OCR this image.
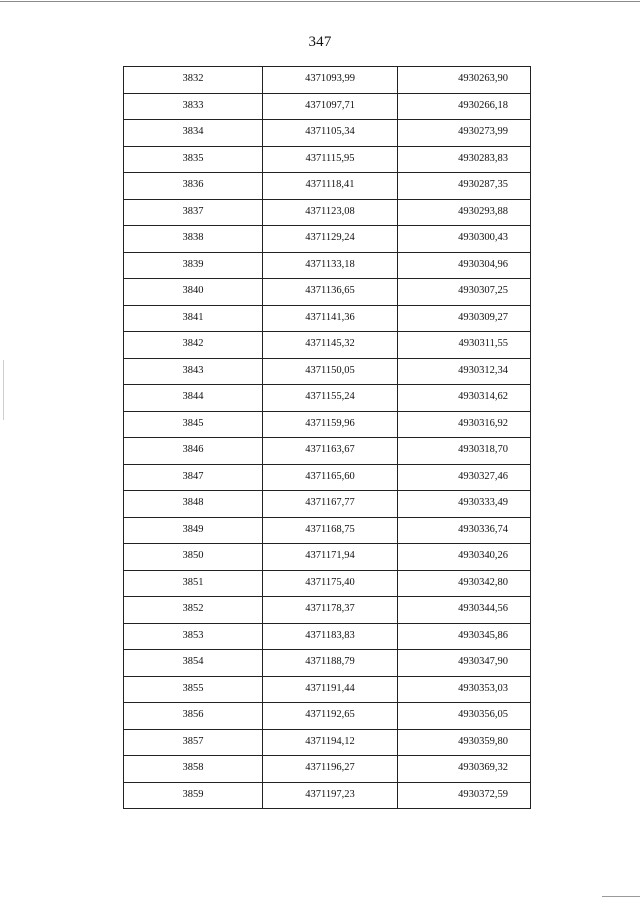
347
3832	4371093,99	4930263,90
3833	4371097,71	4930266,18
3834	4371105,34	4930273,99
3835	4371115,95	4930283,83
3836	4371118,41	4930287,35
3837	4371123,08	4930293,88
3838	4371129,24	4930300,43
3839	4371133,18	4930304,96
3840	4371136,65	4930307,25
3841	4371141,36	4930309,27
3842	4371145,32	4930311,55
3843	4371150,05	4930312,34
3844	4371155,24	4930314,62
3845	4371159,96	4930316,92
3846	4371163,67	4930318,70
3847	4371165,60	4930327,46
3848	4371167,77	4930333,49
3849	4371168,75	4930336,74
3850	4371171,94	4930340,26
3851	4371175,40	4930342,80
3852	4371178,37	4930344,56
3853	4371183,83	4930345,86
3854	4371188,79	4930347,90
3855	4371191,44	4930353,03
3856	4371192,65	4930356,05
3857	4371194,12	4930359,80
3858	4371196,27	4930369,32
3859	4371197,23	4930372,59
